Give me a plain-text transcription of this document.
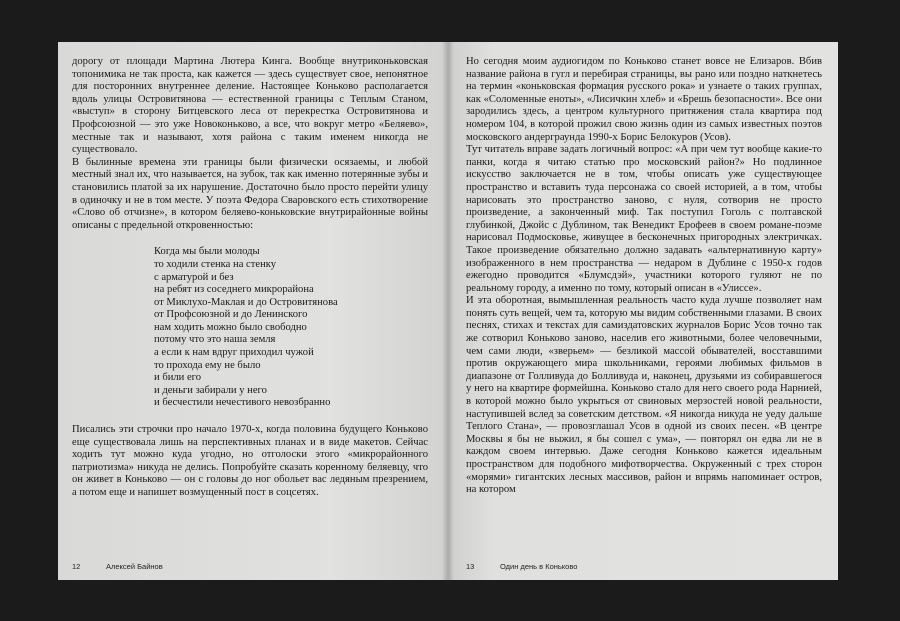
дорогу от площади Мартина Лютера Кинга. Вообще внутриконьковская топонимика не так проста, как кажется — здесь существует свое, непонятное для посторонних внутреннее деление. Настоящее Коньково располагается вдоль улицы Островитянова — естественной границы с Теплым Станом, «выступ» в сторону Битцевского леса от перекрестка Островитянова и Профсоюзной — это уже Новоконьково, а все, что вокруг метро «Беляево», местные так и называют, хотя района с таким именем никогда не существовало.

В былинные времена эти границы были физически осязаемы, и любой местный знал их, что называется, на зубок, так как именно потерянные зубы и становились платой за их нарушение. Достаточно было просто перейти улицу в одиночку и не в том месте. У поэта Федора Сваровского есть стихотворение «Слово об отчизне», в котором беляево-коньковские внутрирайонные войны описаны с предельной откровенностью:

Когда мы были молоды
то ходили стенка на стенку
с арматурой и без
на ребят из соседнего микрорайона
от Миклухо-Маклая и до Островитянова
от Профсоюзной и до Ленинского
нам ходить можно было свободно
потому что это наша земля
а если к нам вдруг приходил чужой
то прохода ему не было
и били его
и деньги забирали у него
и бесчестили нечестивого невозбранно

Писались эти строчки про начало 1970-х, когда половина будущего Коньково еще существовала лишь на перспективных планах и в виде макетов. Сейчас ходить тут можно куда угодно, но отголоски этого «микрорайонного патриотизма» никуда не делись. Попробуйте сказать коренному беляевцу, что он живет в Коньково — он с головы до ног обольет вас ледяным презрением, а потом еще и напишет возмущенный пост в соцсетях.

12	Алексей Байнов

Но сегодня моим аудиогидом по Коньково станет вовсе не Елизаров. Вбив название района в гугл и перебирая страницы, вы рано или поздно наткнетесь на термин «коньковская формация русского рока» и узнаете о таких группах, как «Соломенные еноты», «Лисичкин хлеб» и «Брешь безопасности». Все они зародились здесь, а центром культурного притяжения стала квартира под номером 104, в которой прожил свою жизнь один из самых известных поэтов московского андерграунда 1990-х Борис Белокуров (Усов).

Тут читатель вправе задать логичный вопрос: «А при чем тут вообще какие-то панки, когда я читаю статью про московский район?» Но подлинное искусство заключается не в том, чтобы описать уже существующее пространство и вставить туда персонажа со своей историей, а в том, чтобы нарисовать это пространство заново, с нуля, сотворив не просто произведение, а законченный миф. Так поступил Гоголь с полтавской глубинкой, Джойс с Дублином, так Венедикт Ерофеев в своем романе-поэме нарисовал Подмосковье, живущее в бесконечных пригородных электричках. Такое произведение обязательно должно задавать «альтернативную карту» изображенного в нем пространства — недаром в Дублине с 1950-х годов ежегодно проводится «Блумсдэй», участники которого гуляют не по реальному городу, а именно по тому, который описан в «Улиссе».

И эта оборотная, вымышленная реальность часто куда лучше позволяет нам понять суть вещей, чем та, которую мы видим собственными глазами. В своих песнях, стихах и текстах для самиздатовских журналов Борис Усов точно так же сотворил Коньково заново, населив его животными, более человечными, чем сами люди, «зверьем» — безликой массой обывателей, восставшими против окружающего мира школьниками, героями любимых фильмов в диапазоне от Голливуда до Болливуда и, наконец, друзьями из собиравшегося у него на квартире формейшна. Коньково стало для него своего рода Нарнией, в которой можно было укрыться от свиновых мерзостей новой реальности, наступившей вслед за советским детством. «Я никогда никуда не уеду дальше Теплого Стана», — провозглашал Усов в одной из своих песен. «В центре Москвы я бы не выжил, я бы сошел с ума», — повторял он едва ли не в каждом своем интервью. Даже сегодня Коньково кажется идеальным пространством для подобного мифотворчества. Окруженный с трех сторон «морями» гигантских лесных массивов, район и впрямь напоминает остров, на котором

13	Один день в Коньково
